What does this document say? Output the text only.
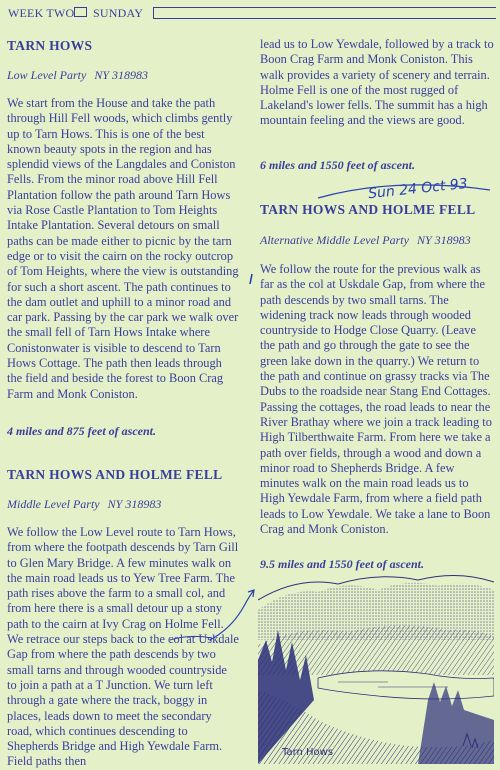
WEEK TWO SUNDAY
TARN HOWS
Low Level Party NY 318983

We start from the House and take the path through Hill Fell woods, which climbs gently up to Tarn Hows. This is one of the best known beauty spots in the region and has splendid views of the Langdales and Coniston Fells. From the minor road above Hill Fell Plantation follow the path around Tarn Hows via Rose Castle Plantation to Tom Heights Intake Plantation. Several detours on small paths can be made either to picnic by the tarn edge or to visit the cairn on the rocky outcrop of Tom Heights, where the view is outstanding for such a short ascent. The path continues to the dam outlet and uphill to a minor road and car park. Passing by the car park we walk over the small fell of Tarn Hows Intake where Conistonwater is visible to descend to Tarn Hows Cottage. The path then leads through the field and beside the forest to Boon Crag Farm and Monk Coniston.

4 miles and 875 feet of ascent.
TARN HOWS AND HOLME FELL
Middle Level Party NY 318983

We follow the Low Level route to Tarn Hows, from where the footpath descends by Tarn Gill to Glen Mary Bridge. A few minutes walk on the main road leads us to Yew Tree Farm. The path rises above the farm to a small col, and from here there is a small detour up a stony path to the cairn at Ivy Crag on Holme Fell. We retrace our steps back to the col at Uskdale Gap from where the path descends by two small tarns and through wooded countryside to join a path at a T Junction. We turn left through a gate where the track, boggy in places, leads down to meet the secondary road, which continues descending to Shepherds Bridge and High Yewdale Farm. Field paths then

lead us to Low Yewdale, followed by a track to Boon Crag Farm and Monk Coniston. This walk provides a variety of scenery and terrain. Holme Fell is one of the most rugged of Lakeland's lower fells. The summit has a high mountain feeling and the views are good.

6 miles and 1550 feet of ascent.
Sun 24 Oct 93
TARN HOWS AND HOLME FELL
Alternative Middle Level Party NY 318983

We follow the route for the previous walk as far as the col at Uskdale Gap, from where the path descends by two small tarns. The widening track now leads through wooded countryside to Hodge Close Quarry. (Leave the path and go through the gate to see the green lake down in the quarry.) We return to the path and continue on grassy tracks via The Dubs to the roadside near Stang End Cottages. Passing the cottages, the road leads to near the River Brathay where we join a track leading to High Tilberthwaite Farm. From here we take a path over fields, through a wood and down a minor road to Shepherds Bridge. A few minutes walk on the main road leads us to High Yewdale Farm, from where a field path leads to Low Yewdale. We take a lane to Boon Crag and Monk Coniston.

9.5 miles and 1550 feet of ascent.
Tarn Hows
